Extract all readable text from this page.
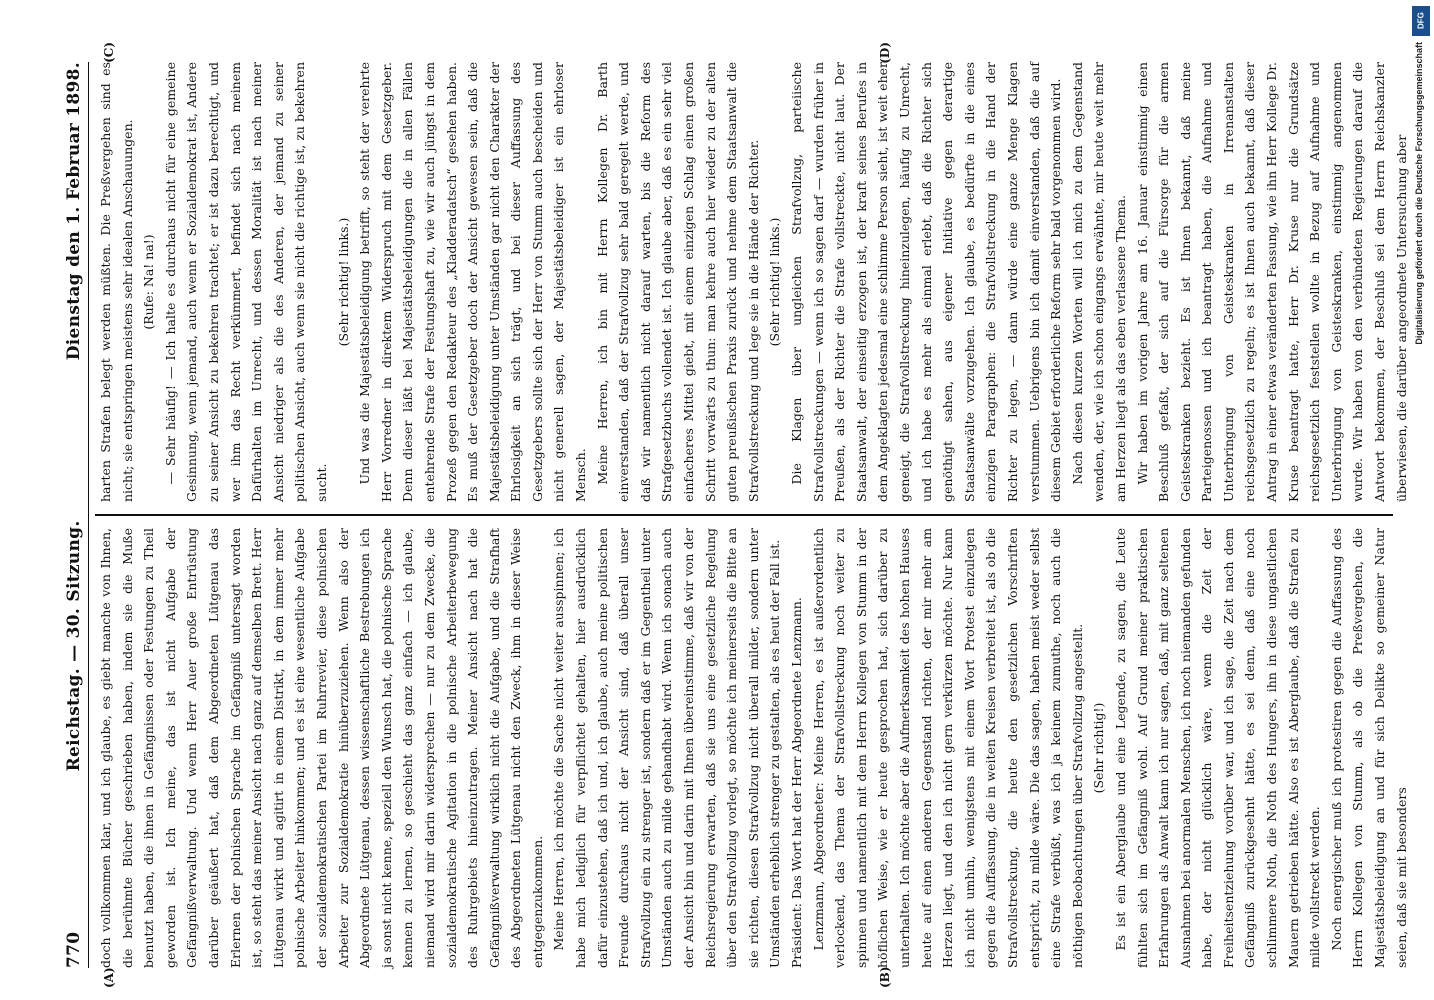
770
Reichstag. — 30. Sitzung.
Dienstag den 1. Februar 1898.
(A)	(B)

doch vollkommen klar, und ich glaube, es giebt manche von Ihnen, die berühmte Bücher geschrieben haben, indem sie die Muße benutzt haben, die ihnen in Gefängnissen oder Festungen zu Theil geworden ist. Ich meine, das ist nicht Aufgabe der Gefängnißverwaltung. Und wenn Herr Auer große Entrüstung darüber geäußert hat, daß dem Abgeordneten Lütgenau das Erlernen der polnischen Sprache im Gefängniß untersagt worden ist, so steht das meiner Ansicht nach ganz auf demselben Brett. Herr Lütgenau wirkt und agitirt in einem Distrikt, in dem immer mehr polnische Arbeiter hinkommen; und es ist eine wesentliche Aufgabe der sozialdemokratischen Partei im Ruhrrevier, diese polnischen Arbeiter zur Sozialdemokratie hinüberzuziehen. Wenn also der Abgeordnete Lütgenau, dessen wissenschaftliche Bestrebungen ich ja sonst nicht kenne, speziell den Wunsch hat, die polnische Sprache kennen zu lernen, so geschieht das ganz einfach — ich glaube, niemand wird mir darin widersprechen — nur zu dem Zwecke, die sozialdemokratische Agitation in die polnische Arbeiterbewegung des Ruhrgebiets hineinzutragen. Meiner Ansicht nach hat die Gefängnißverwaltung wirklich nicht die Aufgabe, und die Strafhaft des Abgeordneten Lütgenau nicht den Zweck, ihm in dieser Weise entgegenzukommen. Meine Herren, ich möchte die Sache nicht weiter ausspinnen; ich habe mich lediglich für verpflichtet gehalten, hier ausdrücklich dafür einzustehen, daß ich und, ich glaube, auch meine politischen Freunde durchaus nicht der Ansicht sind, daß überall unser Strafvollzug ein zu strenger ist, sondern daß er im Gegentheil unter Umständen auch zu milde gehandhabt wird. Wenn ich sonach auch der Ansicht bin und darin mit Ihnen übereinstimme, daß wir von der Reichsregierung erwarten, daß sie uns eine gesetzliche Regelung über den Strafvollzug vorlegt, so möchte ich meinerseits die Bitte an sie richten, diesen Strafvollzug nicht überall milder, sondern unter Umständen erheblich strenger zu gestalten, als es heut der Fall ist. Präsident: Das Wort hat der Herr Abgeordnete Lenzmann. Lenzmann, Abgeordneter: Meine Herren, es ist außerordentlich verlockend, das Thema der Strafvollstreckung noch weiter zu spinnen und namentlich mit dem Herrn Kollegen von Stumm in der höflichen Weise, wie er heute gesprochen hat, sich darüber zu unterhalten. Ich möchte aber die Aufmerksamkeit des hohen Hauses heute auf einen anderen Gegenstand richten, der mir mehr am Herzen liegt, und den ich nicht gern verkürzen möchte. Nur kann ich nicht umhin, wenigstens mit einem Wort Protest einzulegen gegen die Auffassung, die in weiten Kreisen verbreitet ist, als ob die Strafvollstreckung, die heute den gesetzlichen Vorschriften entspricht, zu milde wäre. Die das sagen, haben meist weder selbst eine Strafe verbüßt, was ich ja keinem zumuthe, noch auch die nöthigen Beobachtungen über Strafvollzug angestellt. (Sehr richtig!) Es ist ein Aberglaube und eine Legende, zu sagen, die Leute fühlten sich im Gefängniß wohl. Auf Grund meiner praktischen Erfahrungen als Anwalt kann ich nur sagen, daß, mit ganz seltenen Ausnahmen bei anormalen Menschen, ich noch niemanden gefunden habe, der nicht glücklich wäre, wenn die Zeit der Freiheitsentziehung vorüber war, und ich sage, die Zeit nach dem Gefängniß zurückgesehnt hätte, es sei denn, daß eine noch schlimmere Noth, die Noth des Hungers, ihn in diese ungastlichen Mauern getrieben hätte. Also es ist Aberglaube, daß die Strafen zu milde vollstreckt werden. Noch energischer muß ich protestiren gegen die Auffassung des Herrn Kollegen von Stumm, als ob die Preßvergehen, die Majestätsbeleidigung an und für sich Delikte so gemeiner Natur seien, daß sie mit besonders

(C)	(D)

harten Strafen belegt werden müßten. Die Preßvergehen sind es nicht; sie entspringen meistens sehr idealen Anschauungen. (Rufe: Na! na!) — Sehr häufig! — Ich halte es durchaus nicht für eine gemeine Gesinnung, wenn jemand, auch wenn er Sozialdemokrat ist, Andere zu seiner Ansicht zu bekehren trachtet; er ist dazu berechtigt, und wer ihm das Recht verkümmert, befindet sich nach meinem Dafürhalten im Unrecht, und dessen Moralität ist nach meiner Ansicht niedriger als die des Anderen, der jemand zu seiner politischen Ansicht, auch wenn sie nicht die richtige ist, zu bekehren sucht.

(Sehr richtig! links.) Und was die Majestätsbeleidigung betrifft, so steht der verehrte Herr Vorredner in direktem Widerspruch mit dem Gesetzgeber. Denn dieser läßt bei Majestätsbeleidigungen die in allen Fällen entehrende Strafe der Festungshaft zu, wie wir auch jüngst in dem Prozeß gegen den Redakteur des „Kladderadatsch“ gesehen haben. Es muß der Gesetzgeber doch der Ansicht gewesen sein, daß die Majestätsbeleidigung unter Umständen gar nicht den Charakter der Ehrlosigkeit an sich trägt, und bei dieser Auffassung des Gesetzgebers sollte sich der Herr von Stumm auch bescheiden und nicht generell sagen, der Majestätsbeleidiger ist ein ehrloser Mensch. Meine Herren, ich bin mit Herrn Kollegen Dr. Barth einverstanden, daß der Strafvollzug sehr bald geregelt werde, und daß wir namentlich nicht darauf warten, bis die Reform des Strafgesetzbuchs vollendet ist. Ich glaube aber, daß es ein sehr viel einfacheres Mittel giebt, mit einem einzigen Schlag einen großen Schritt vorwärts zu thun: man kehre auch hier wieder zu der alten guten preußischen Praxis zurück und nehme dem Staatsanwalt die Strafvollstreckung und lege sie in die Hände der Richter. (Sehr richtig! links.) Die Klagen über ungleichen Strafvollzug, parteiische Strafvollstreckungen — wenn ich so sagen darf — wurden früher in Preußen, als der Richter die Strafe vollstreckte, nicht laut. Der Staatsanwalt, der einseitig erzogen ist, der kraft seines Berufes in dem Angeklagten jedesmal eine schlimme Person sieht, ist weit eher geneigt, die Strafvollstreckung hineinzulegen, häufig zu Unrecht, und ich habe es mehr als einmal erlebt, daß die Richter sich genöthigt sahen, aus eigener Initiative gegen derartige Staatsanwälte vorzugehen. Ich glaube, es bedürfte in die eines einzigen Paragraphen: die Strafvollstreckung in die Hand der Richter zu legen, — dann würde eine ganze Menge Klagen verstummen. Uebrigens bin ich damit einverstanden, daß die auf diesem Gebiet erforderliche Reform sehr bald vorgenommen wird. Nach diesen kurzen Worten will ich mich zu dem Gegenstand wenden, der, wie ich schon eingangs erwähnte, mir heute weit mehr am Herzen liegt als das eben verlassene Thema. Wir haben im vorigen Jahre am 16. Januar einstimmig einen Beschluß gefaßt, der sich auf die Fürsorge für die armen Geisteskranken bezieht. Es ist Ihnen bekannt, daß meine Parteigenossen und ich beantragt haben, die Aufnahme und Unterbringung von Geisteskranken in Irrenanstalten reichsgesetzlich zu regeln; es ist Ihnen auch bekannt, daß dieser Antrag in einer etwas veränderten Fassung, wie ihn Herr Kollege Dr. Kruse beantragt hatte, Herr Dr. Kruse nur die Grundsätze reichsgesetzlich feststellen wollte in Bezug auf Aufnahme und Unterbringung von Geisteskranken, einstimmig angenommen wurde. Wir haben von den verbündeten Regierungen darauf die Antwort bekommen, der Beschluß sei dem Herrn Reichskanzler überwiesen, die darüber angeordnete Untersuchung aber

DFG
Digitalisierung gefördert durch die Deutsche Forschungsgemeinschaft
